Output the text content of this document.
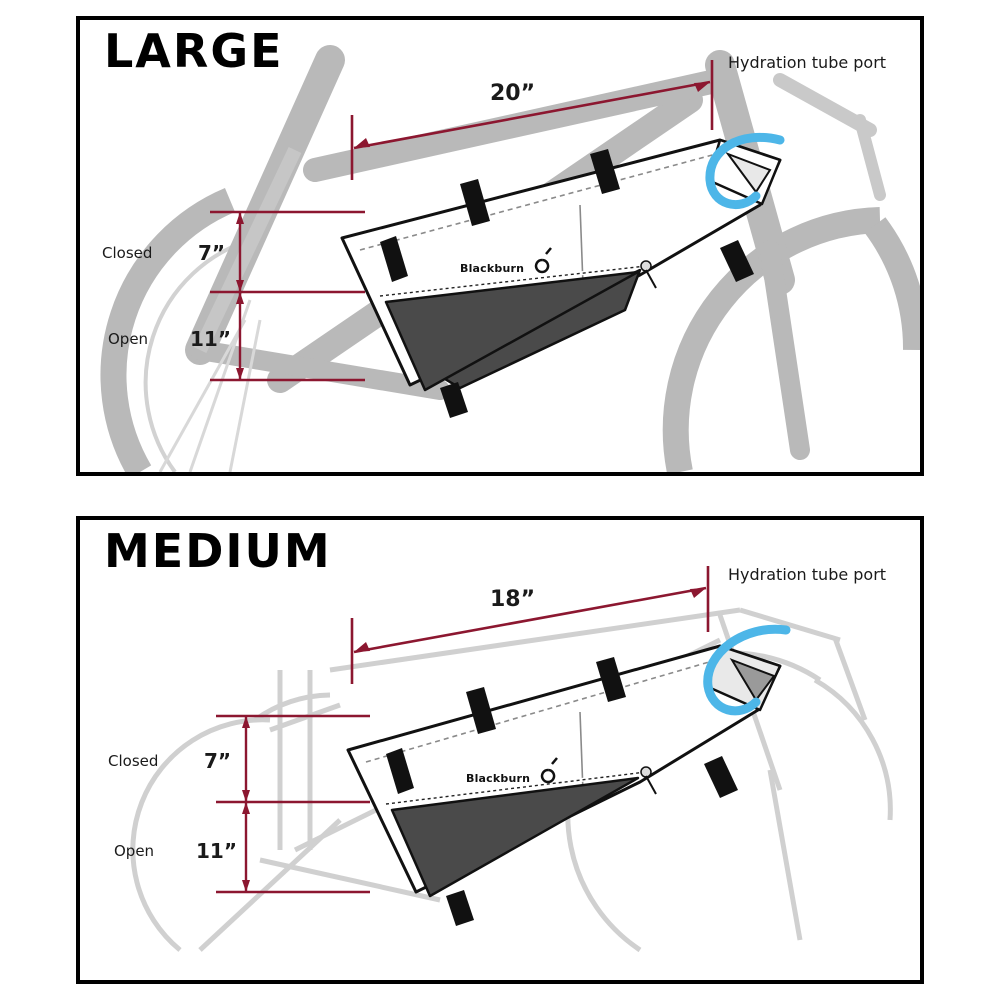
LARGE
Blackburn
20”
Hydration tube port
Closed 7”
Open 11”
MEDIUM
Blackburn
18”
Hydration tube port
Closed 7”
Open 11”
